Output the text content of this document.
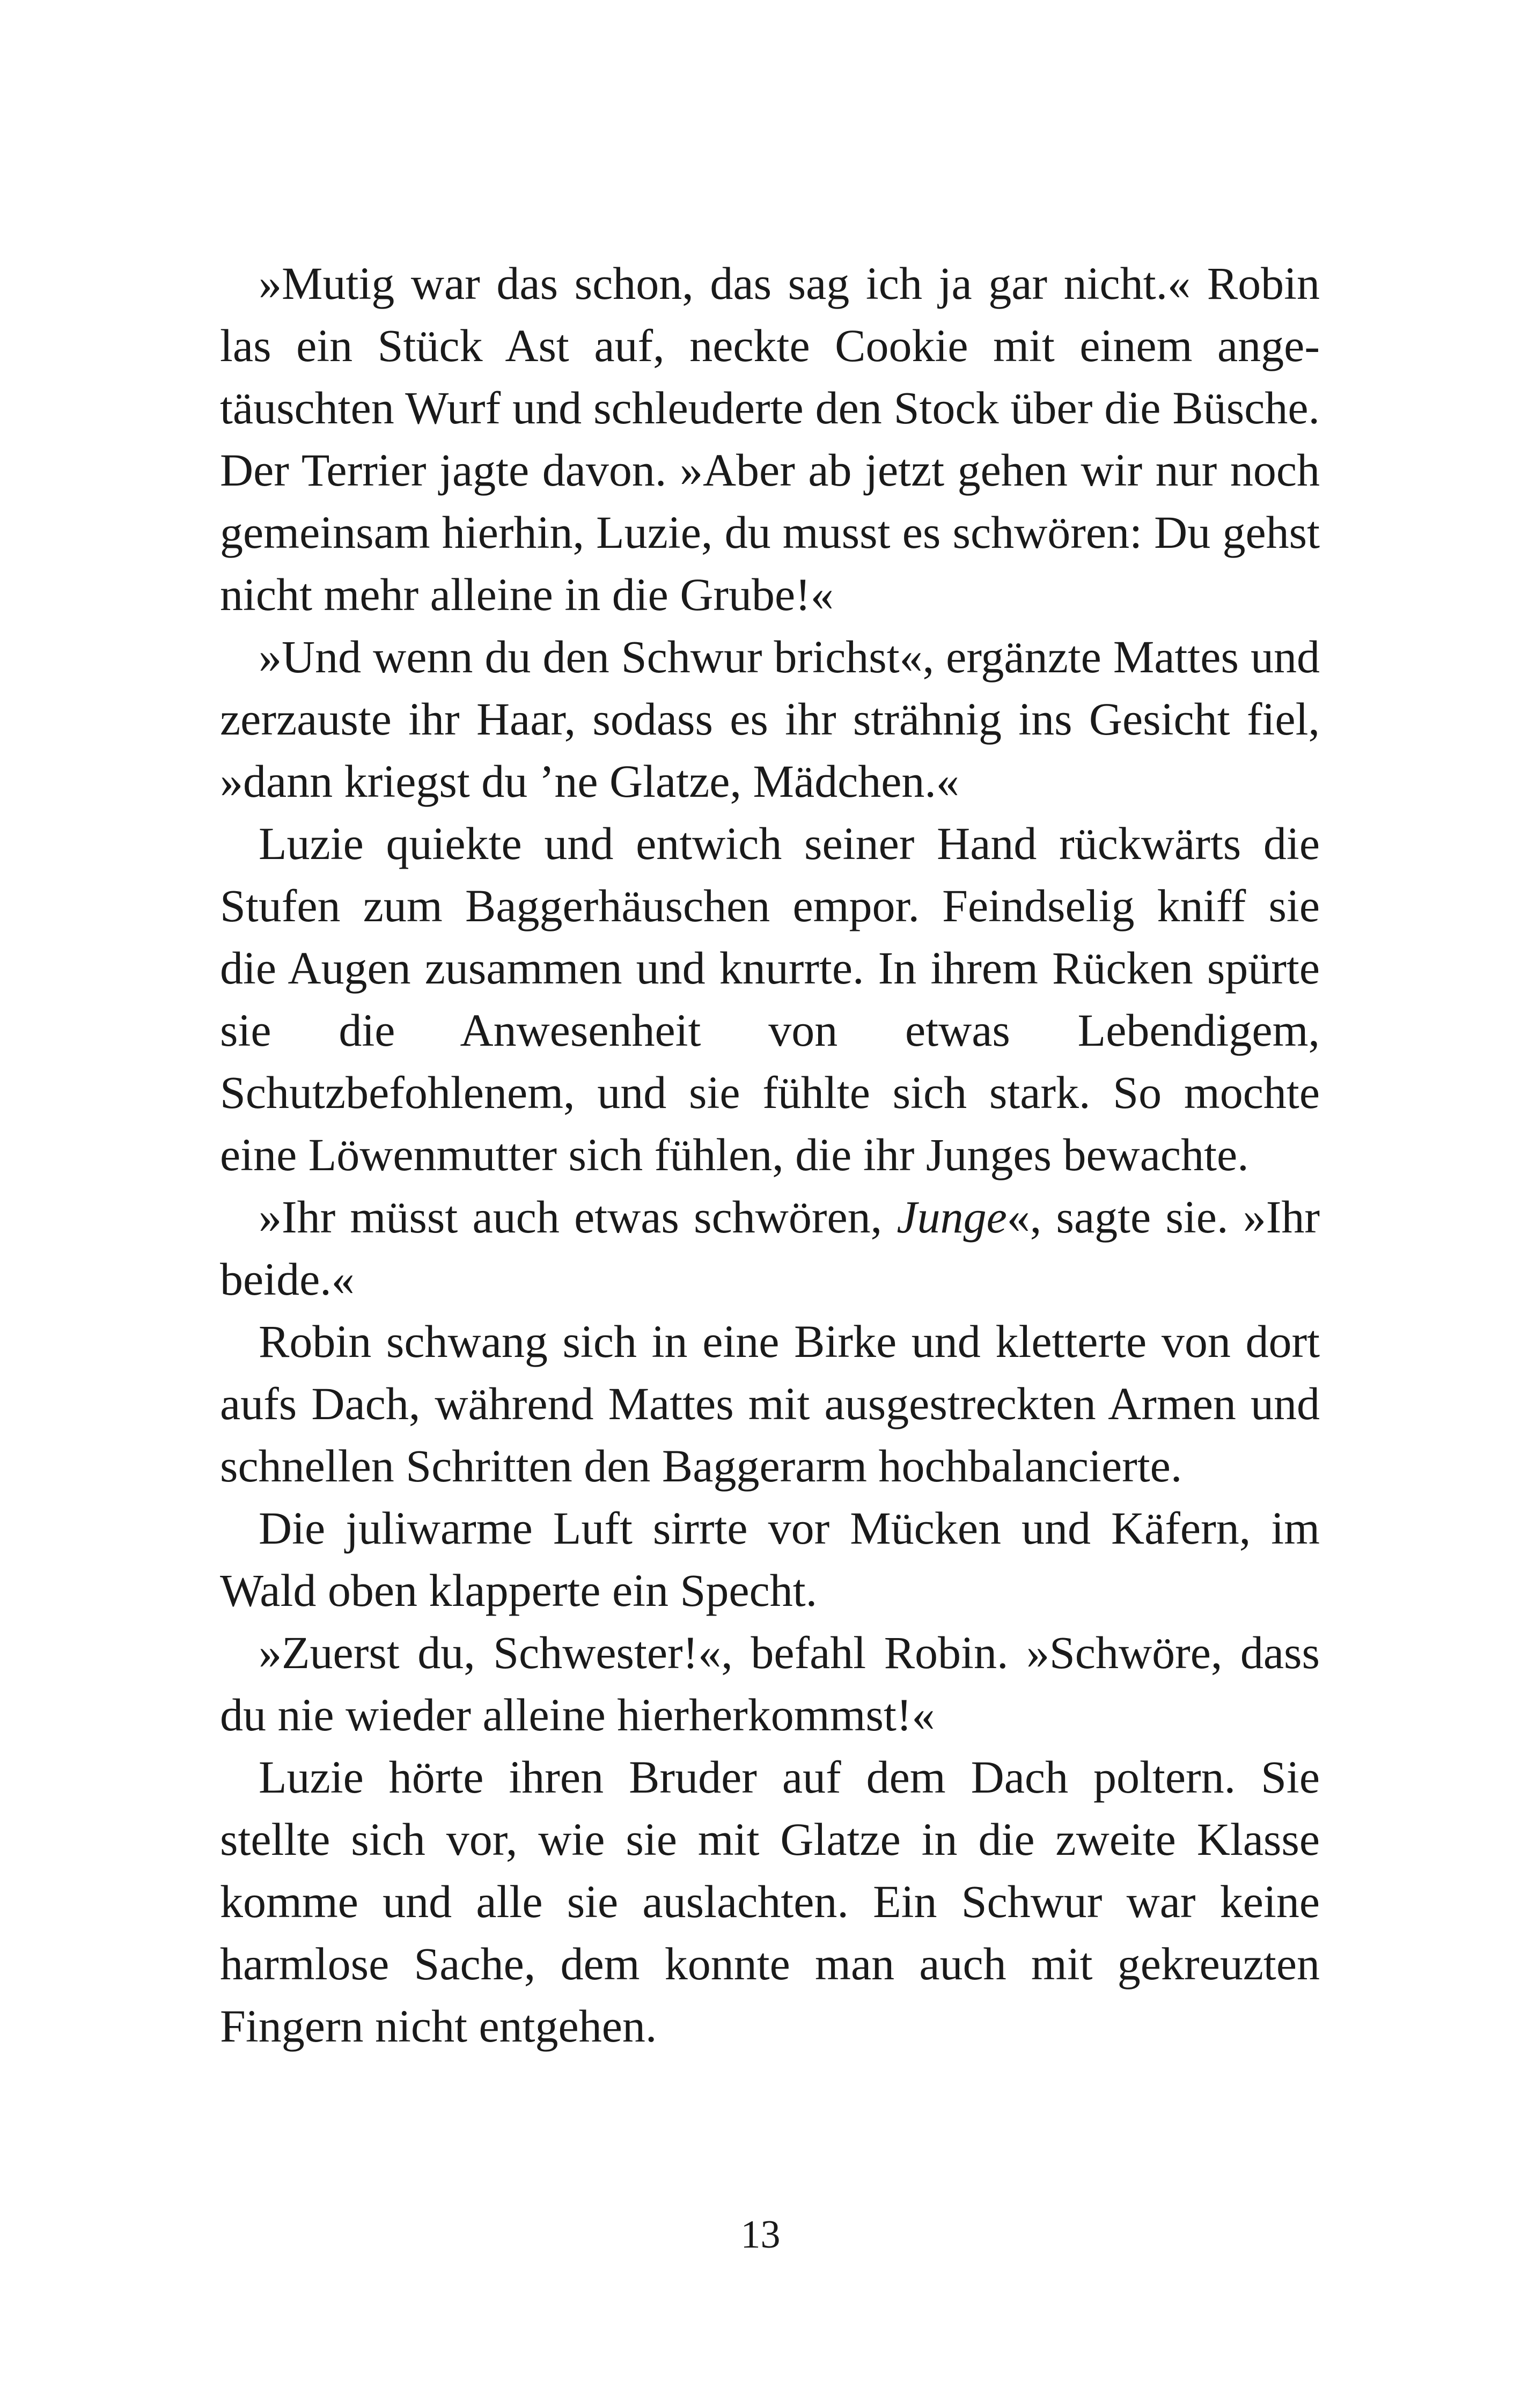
»Mutig war das schon, das sag ich ja gar nicht.« Robin las ein Stück Ast auf, neckte Cookie mit einem angetäuschten Wurf und schleuderte den Stock über die Büsche. Der Terrier jagte davon. »Aber ab jetzt gehen wir nur noch gemeinsam hierhin, Luzie, du musst es schwören: Du gehst nicht mehr alleine in die Grube!«

»Und wenn du den Schwur brichst«, ergänzte Mattes und zerzauste ihr Haar, sodass es ihr strähnig ins Gesicht fiel, »dann kriegst du ’ne Glatze, Mädchen.«

Luzie quiekte und entwich seiner Hand rückwärts die Stufen zum Baggerhäuschen empor. Feindselig kniff sie die Augen zusammen und knurrte. In ihrem Rücken spürte sie die Anwesenheit von etwas Lebendigem, Schutzbefohlenem, und sie fühlte sich stark. So mochte eine Löwenmutter sich fühlen, die ihr Junges bewachte.

»Ihr müsst auch etwas schwören, Junge«, sagte sie. »Ihr beide.«

Robin schwang sich in eine Birke und kletterte von dort aufs Dach, während Mattes mit ausgestreckten Armen und schnellen Schritten den Baggerarm hochbalancierte.

Die juliwarme Luft sirrte vor Mücken und Käfern, im Wald oben klapperte ein Specht.

»Zuerst du, Schwester!«, befahl Robin. »Schwöre, dass du nie wieder alleine hierherkommst!«

Luzie hörte ihren Bruder auf dem Dach poltern. Sie stellte sich vor, wie sie mit Glatze in die zweite Klasse komme und alle sie auslachten. Ein Schwur war keine harmlose Sache, dem konnte man auch mit gekreuzten Fingern nicht entgehen.

13
